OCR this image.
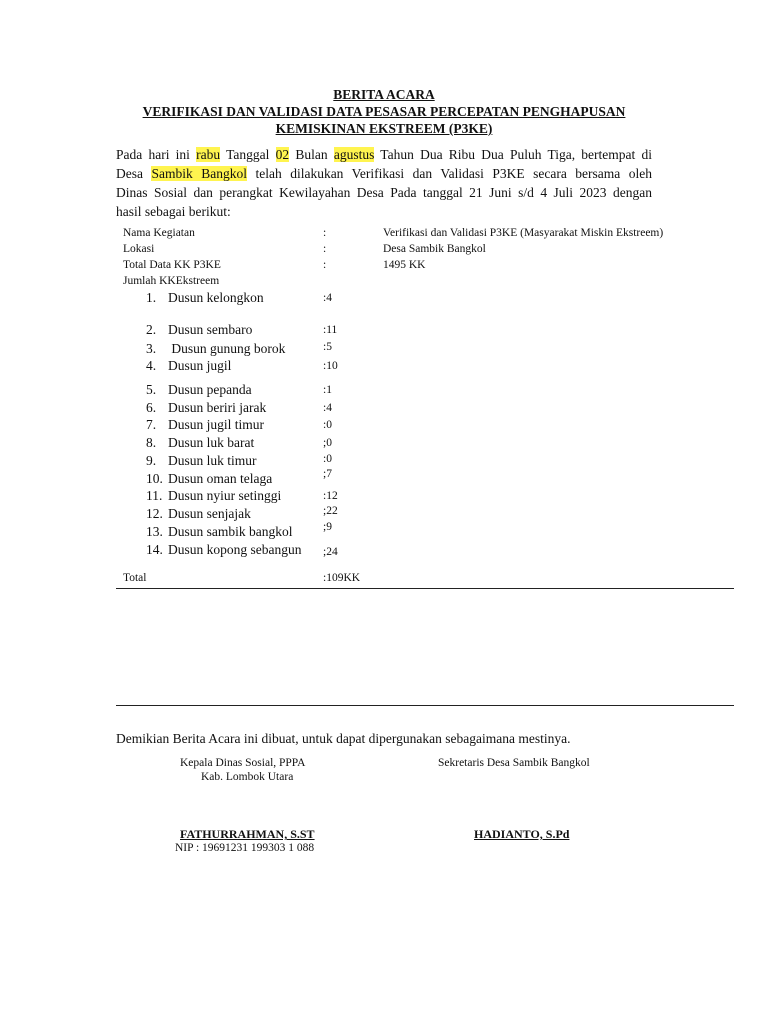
BERITA ACARA
VERIFIKASI DAN VALIDASI DATA PESASAR PERCEPATAN PENGHAPUSAN
KEMISKINAN EKSTREEM (P3KE)
Pada hari ini rabu Tanggal 02 Bulan agustus Tahun Dua Ribu Dua Puluh Tiga, bertempat di
Desa Sambik Bangkol telah dilakukan Verifikasi dan Validasi P3KE secara bersama oleh
Dinas Sosial dan perangkat Kewilayahan Desa Pada tanggal 21 Juni s/d 4 Juli 2023 dengan
hasil sebagai berikut:
Nama Kegiatan	:	Verifikasi dan Validasi P3KE (Masyarakat Miskin Ekstreem)
Lokasi	:	Desa Sambik Bangkol
Total Data KK P3KE	:	1495 KK
Jumlah KKEkstreem
1. Dusun kelongkon	:4
2. Dusun sembaro	:11
3. Dusun gunung borok	:5
4. Dusun jugil	:10
5. Dusun pepanda	:1
6. Dusun beriri jarak	:4
7. Dusun jugil timur	:0
8. Dusun luk barat	;0
9. Dusun luk timur	:0
10. Dusun oman telaga	;7
11. Dusun nyiur setinggi	:12
12. Dusun senjajak	;22
13. Dusun sambik bangkol	;9
14. Dusun kopong sebangun ;24
Total	:109KK
Demikian Berita Acara ini dibuat, untuk dapat dipergunakan sebagaimana mestinya.
Kepala Dinas Sosial, PPPA
Kab. Lombok Utara
Sekretaris Desa Sambik Bangkol
FATHURRAHMAN, S.ST
NIP : 19691231 199303 1 088
HADIANTO, S.Pd
